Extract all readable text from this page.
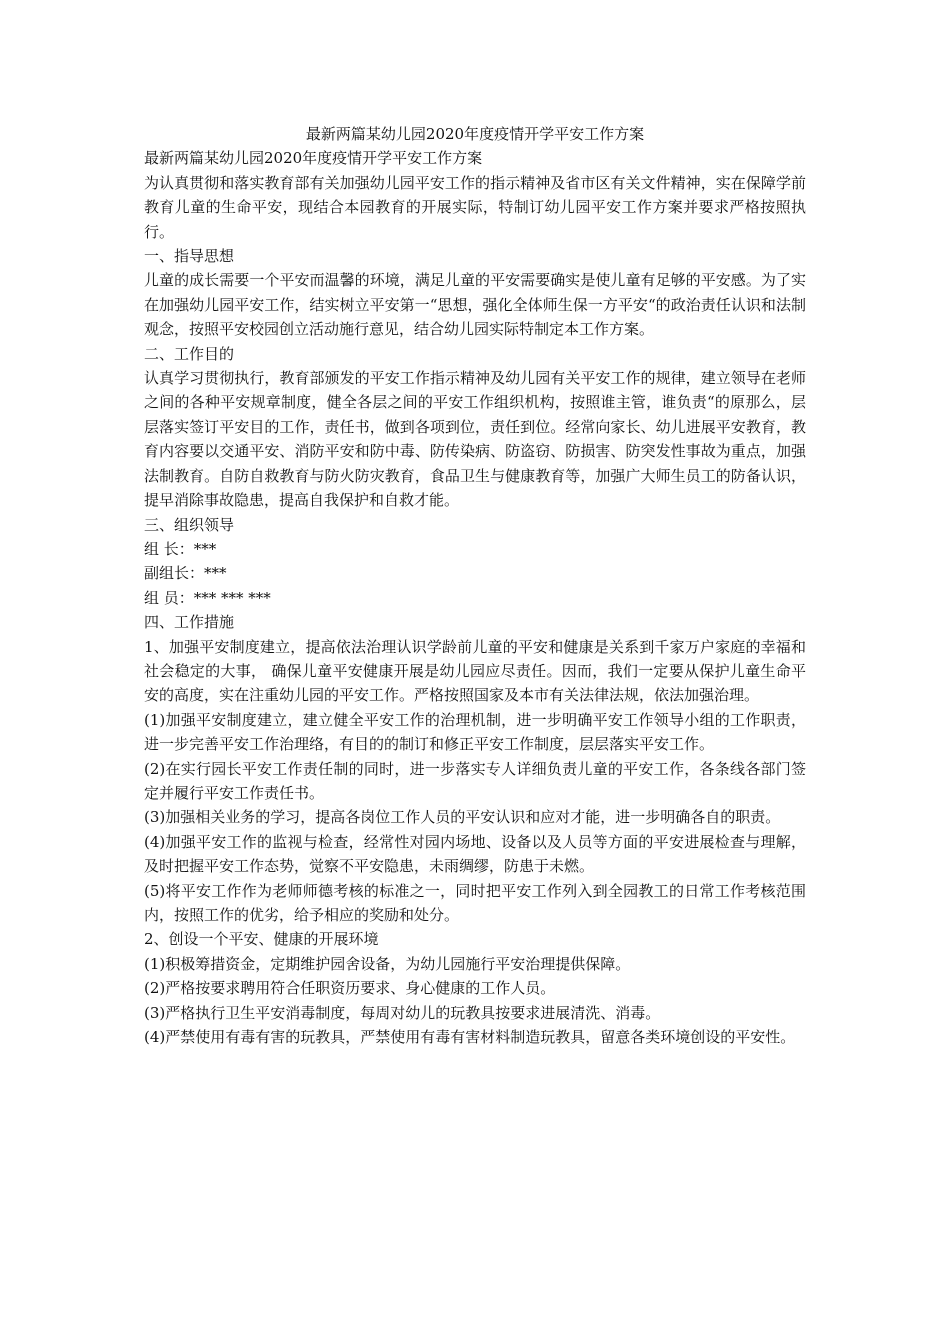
最新两篇某幼儿园2020年度疫情开学平安工作方案

最新两篇某幼儿园2020年度疫情开学平安工作方案

为认真贯彻和落实教育部有关加强幼儿园平安工作的指示精神及省市区有关文件精神，实在保障学前教育儿童的生命平安，现结合本园教育的开展实际，特制订幼儿园平安工作方案并要求严格按照执行。

一、指导思想

儿童的成长需要一个平安而温馨的环境，满足儿童的平安需要确实是使儿童有足够的平安感。为了实在加强幼儿园平安工作，结实树立平安第一“思想，强化全体师生保一方平安“的政治责任认识和法制观念，按照平安校园创立活动施行意见，结合幼儿园实际特制定本工作方案。

二、工作目的

认真学习贯彻执行，教育部颁发的平安工作指示精神及幼儿园有关平安工作的规律，建立领导在老师之间的各种平安规章制度，健全各层之间的平安工作组织机构，按照谁主管，谁负责“的原那么，层层落实签订平安目的工作，责任书，做到各项到位，责任到位。经常向家长、幼儿进展平安教育，教育内容要以交通平安、消防平安和防中毒、防传染病、防盗窃、防损害、防突发性事故为重点，加强法制教育。自防自救教育与防火防灾教育，食品卫生与健康教育等，加强广大师生员工的防备认识，提早消除事故隐患，提高自我保护和自救才能。

三、组织领导

组 长：***

副组长：***

组 员：*** *** ***

四、工作措施

1、加强平安制度建立，提高依法治理认识学龄前儿童的平安和健康是关系到千家万户家庭的幸福和社会稳定的大事， 确保儿童平安健康开展是幼儿园应尽责任。因而，我们一定要从保护儿童生命平安的高度，实在注重幼儿园的平安工作。严格按照国家及本市有关法律法规，依法加强治理。

(1)加强平安制度建立，建立健全平安工作的治理机制，进一步明确平安工作领导小组的工作职责，进一步完善平安工作治理络，有目的的制订和修正平安工作制度，层层落实平安工作。

(2)在实行园长平安工作责任制的同时，进一步落实专人详细负责儿童的平安工作，各条线各部门签定并履行平安工作责任书。

(3)加强相关业务的学习，提高各岗位工作人员的平安认识和应对才能，进一步明确各自的职责。

(4)加强平安工作的监视与检查，经常性对园内场地、设备以及人员等方面的平安进展检查与理解，及时把握平安工作态势，觉察不平安隐患，未雨绸缪，防患于未燃。

(5)将平安工作作为老师师德考核的标准之一，同时把平安工作列入到全园教工的日常工作考核范围内，按照工作的优劣，给予相应的奖励和处分。

2、创设一个平安、健康的开展环境

(1)积极筹措资金，定期维护园舍设备，为幼儿园施行平安治理提供保障。

(2)严格按要求聘用符合任职资历要求、身心健康的工作人员。

(3)严格执行卫生平安消毒制度，每周对幼儿的玩教具按要求进展清洗、消毒。

(4)严禁使用有毒有害的玩教具，严禁使用有毒有害材料制造玩教具，留意各类环境创设的平安性。
